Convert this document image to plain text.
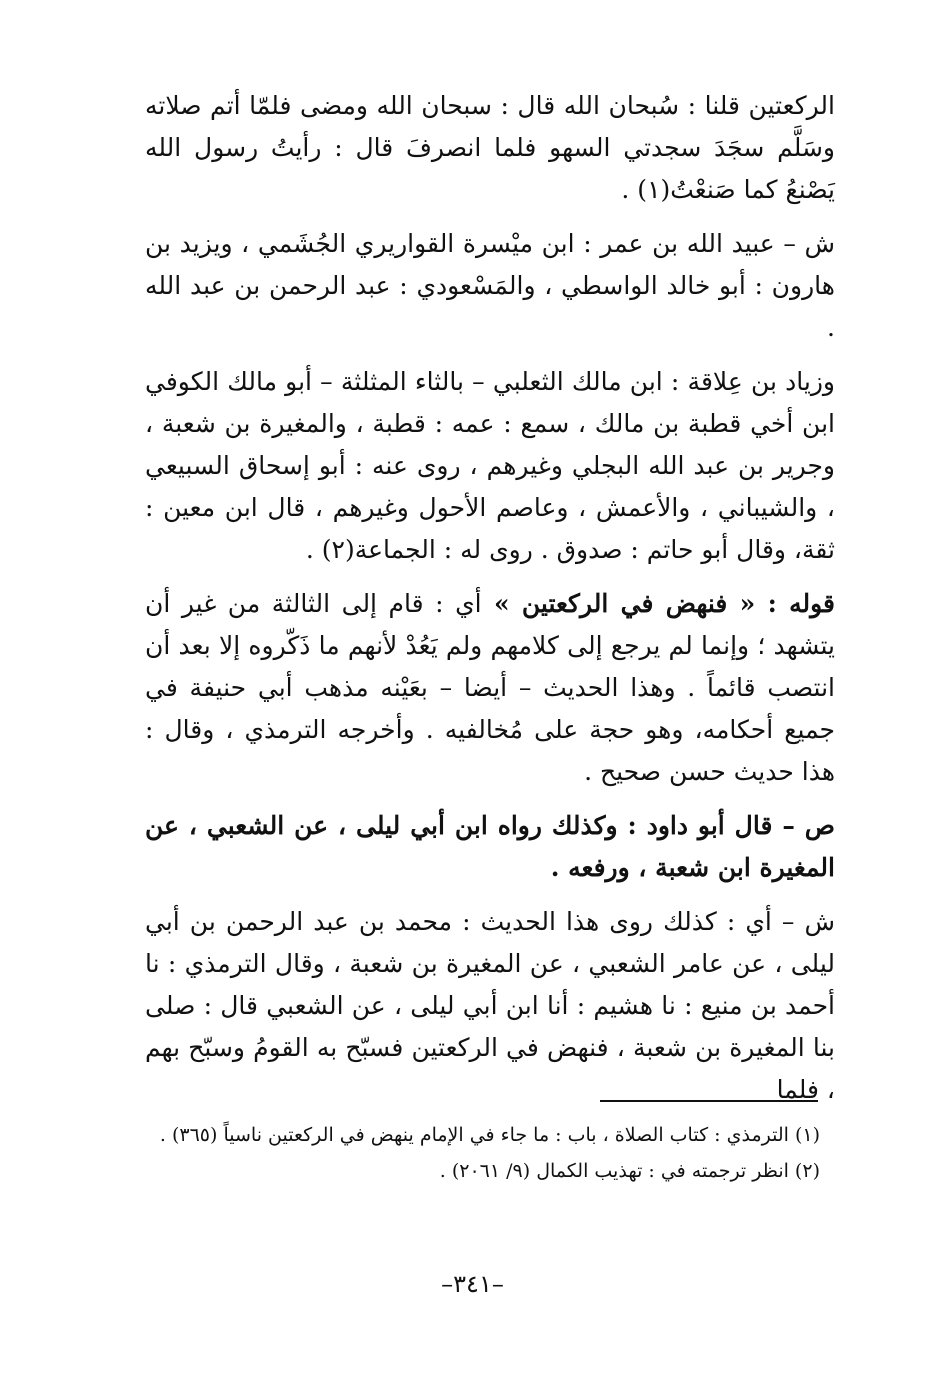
الركعتين قلنا : سُبحان الله قال : سبحان الله ومضى فلمّا أتم صلاته وسَلَّم سجَدَ سجدتي السهو فلما انصرفَ قال : رأيتُ رسول الله يَصْنعُ كما صَنعْتُ(١) .

ش – عبيد الله بن عمر : ابن ميْسرة القواريري الجُشَمي ، ويزيد بن هارون : أبو خالد الواسطي ، والمَسْعودي : عبد الرحمن بن عبد الله .

وزياد بن عِلاقة : ابن مالك الثعلبي – بالثاء المثلثة – أبو مالك الكوفي ابن أخي قطبة بن مالك ، سمع : عمه : قطبة ، والمغيرة بن شعبة ، وجرير بن عبد الله البجلي وغيرهم ، روى عنه : أبو إسحاق السبيعي ، والشيباني ، والأعمش ، وعاصم الأحول وغيرهم ، قال ابن معين : ثقة، وقال أبو حاتم : صدوق . روى له : الجماعة(٢) .

قوله : « فنهض في الركعتين » أي : قام إلى الثالثة من غير أن يتشهد ؛ وإنما لم يرجع إلى كلامهم ولم يَعُدْ لأنهم ما ذَكّروه إلا بعد أن انتصب قائماً . وهذا الحديث – أيضا – بعَيْنه مذهب أبي حنيفة في جميع أحكامه، وهو حجة على مُخالفيه . وأخرجه الترمذي ، وقال : هذا حديث حسن صحيح .

ص – قال أبو داود : وكذلك رواه ابن أبي ليلى ، عن الشعبي ، عن المغيرة ابن شعبة ، ورفعه .

ش – أي : كذلك روى هذا الحديث : محمد بن عبد الرحمن بن أبي ليلى ، عن عامر الشعبي ، عن المغيرة بن شعبة ، وقال الترمذي : نا أحمد بن منيع : نا هشيم : أنا ابن أبي ليلى ، عن الشعبي قال : صلى بنا المغيرة بن شعبة ، فنهض في الركعتين فسبّح به القومُ وسبّح بهم ، فلما

(١) الترمذي : كتاب الصلاة ، باب : ما جاء في الإمام ينهض في الركعتين ناسياً (٣٦٥) .

(٢) انظر ترجمته في : تهذيب الكمال (٩/ ٢٠٦١) .

–٣٤١–
